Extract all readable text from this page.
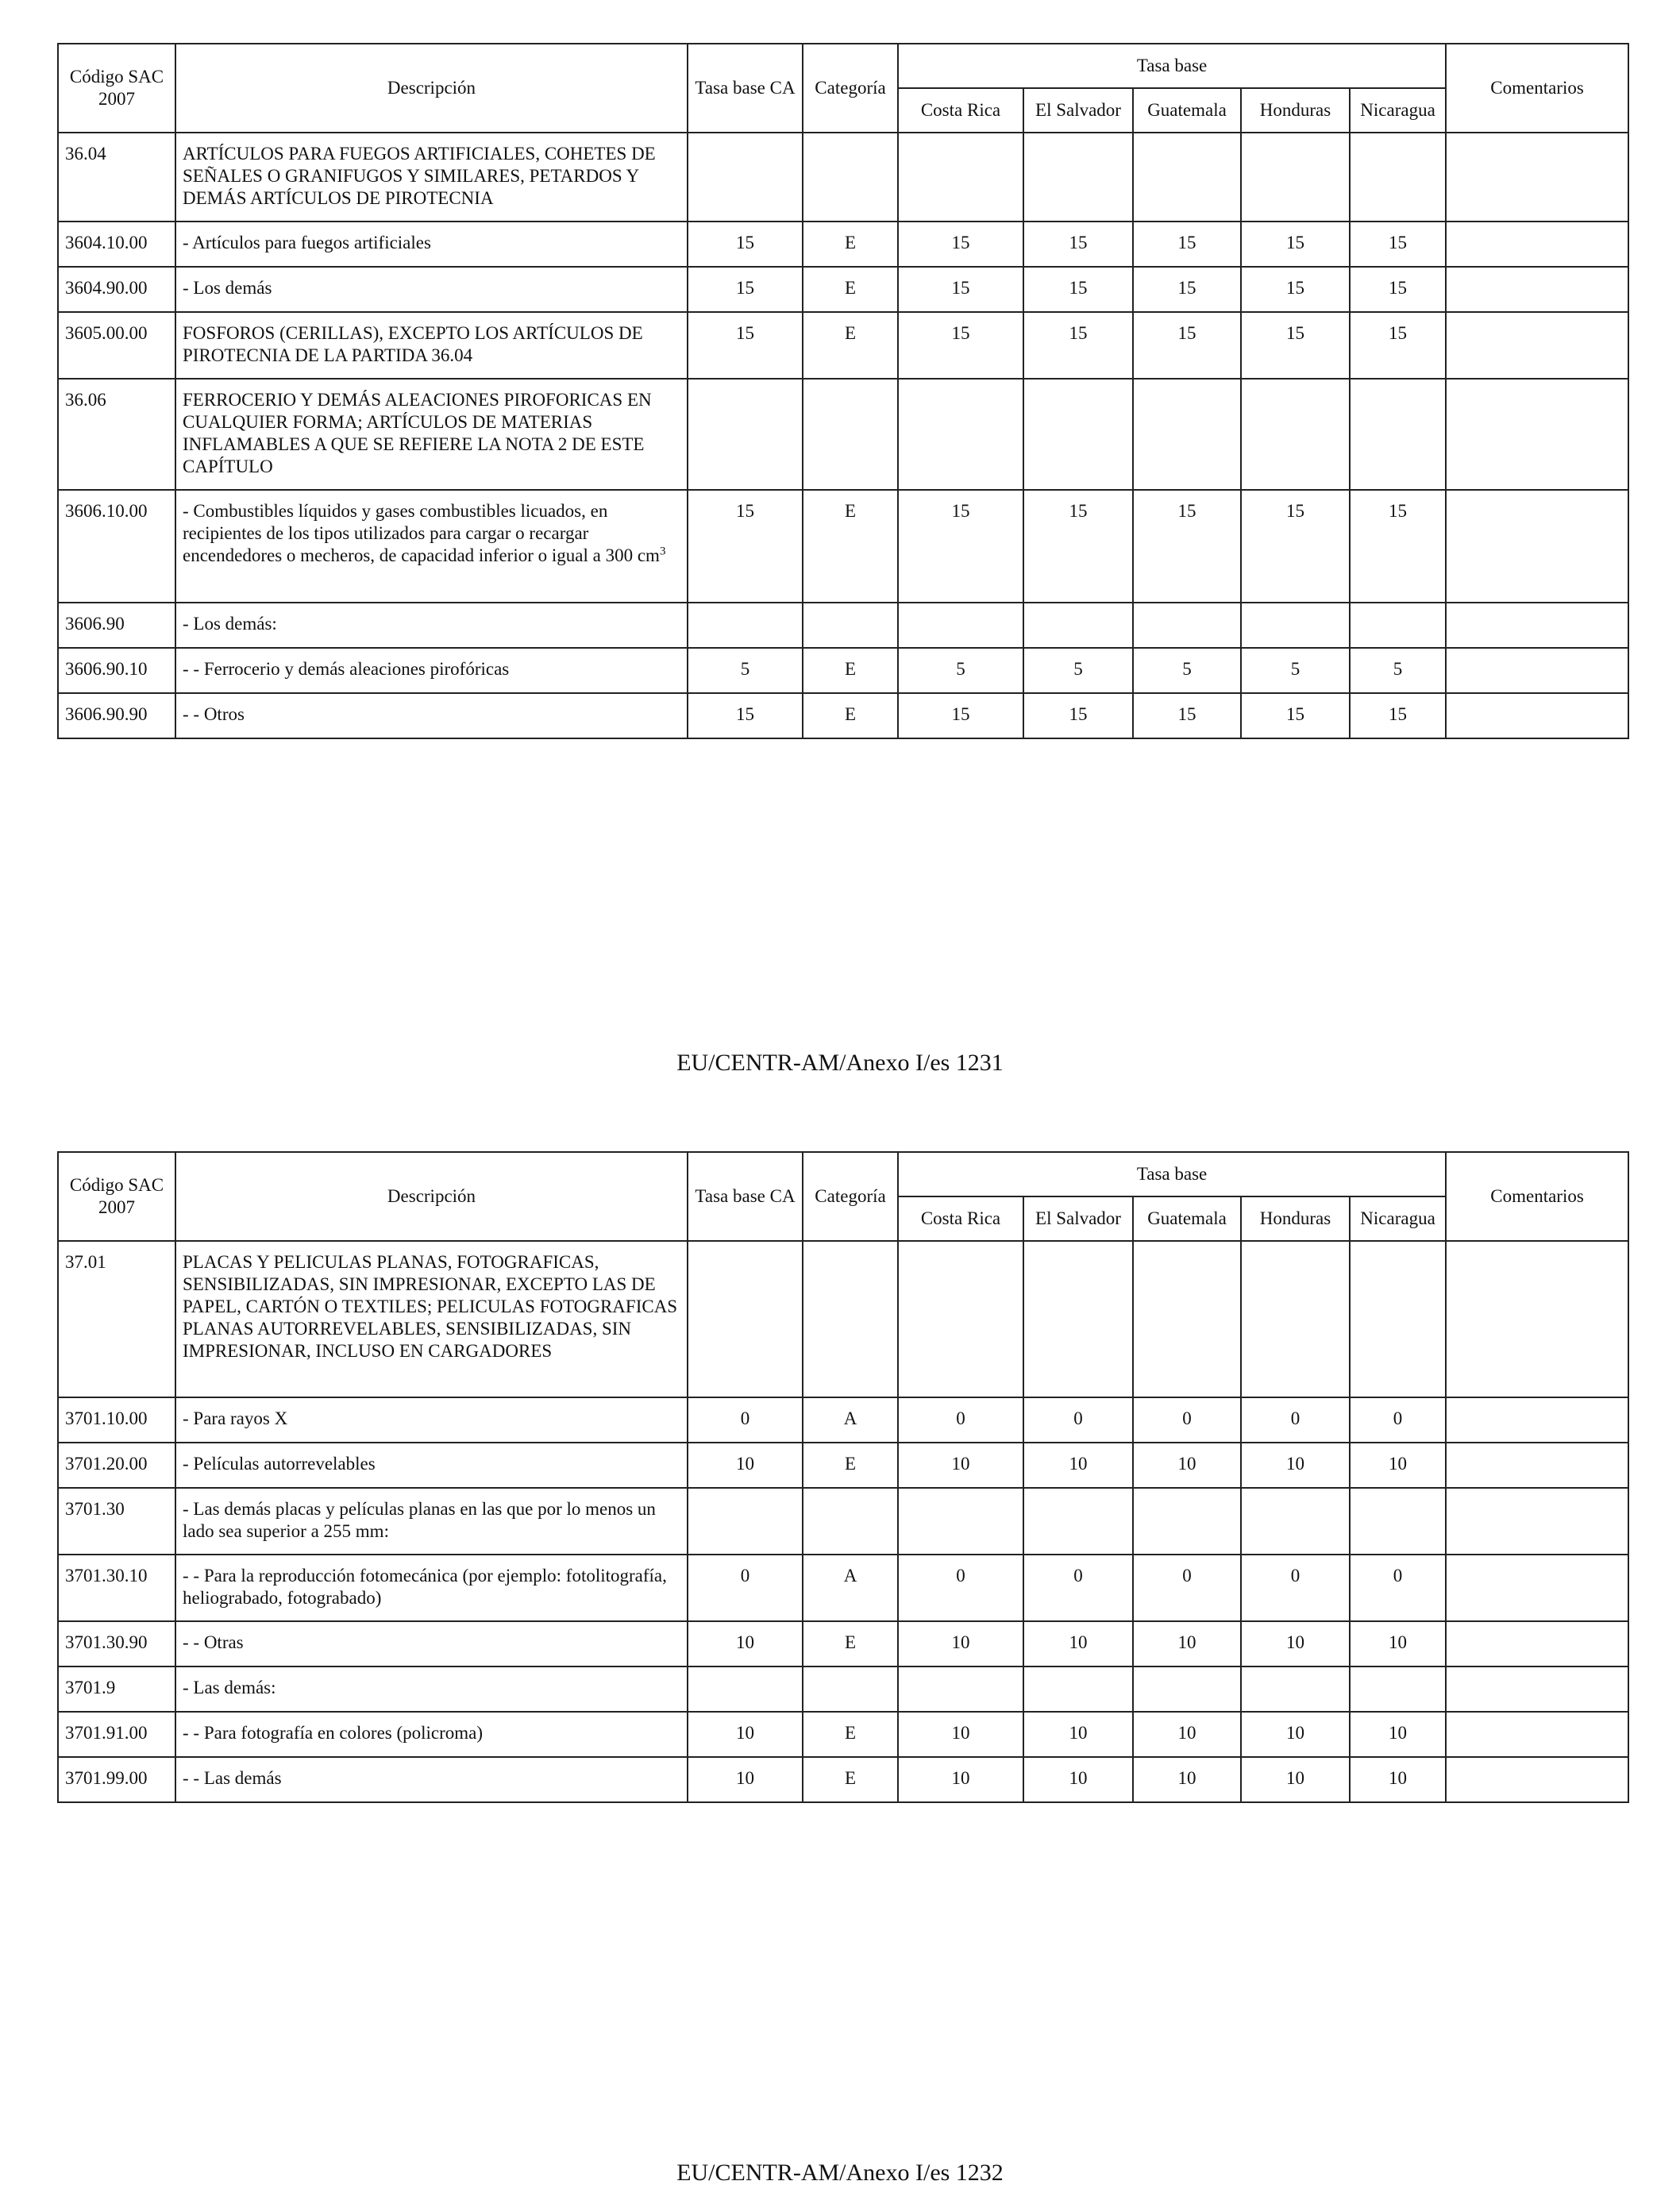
Código SAC 2007	Descripción	Tasa base CA	Categoría	Tasa base					Comentarios
				Costa Rica	El Salvador	Guatemala	Honduras	Nicaragua	
36.04	ARTÍCULOS PARA FUEGOS ARTIFICIALES, COHETES DE SEÑALES O GRANIFUGOS Y SIMILARES, PETARDOS Y DEMÁS ARTÍCULOS DE PIROTECNIA								
3604.10.00	- Artículos para fuegos artificiales	15	E	15	15	15	15	15	
3604.90.00	- Los demás	15	E	15	15	15	15	15	
3605.00.00	FOSFOROS (CERILLAS), EXCEPTO LOS ARTÍCULOS DE PIROTECNIA DE LA PARTIDA 36.04	15	E	15	15	15	15	15	
36.06	FERROCERIO Y DEMÁS ALEACIONES PIROFORICAS EN CUALQUIER FORMA; ARTÍCULOS DE MATERIAS INFLAMABLES A QUE SE REFIERE LA NOTA 2 DE ESTE CAPÍTULO								
3606.10.00	- Combustibles líquidos y gases combustibles licuados, en recipientes de los tipos utilizados para cargar o recargar encendedores o mecheros, de capacidad inferior o igual a 300 $cm^3$	15	E	15	15	15	15	15	
3606.90	- Los demás:								
3606.90.10	- - Ferrocerio y demás aleaciones pirofóricas	5	E	5	5	5	5	5	
3606.90.90	- - Otros	15	E	15	15	15	15	15	
EU/CENTR-AM/Anexo I/es 1231
Código SAC 2007	Descripción	Tasa base CA	Categoría	Tasa base					Comentarios
				Costa Rica	El Salvador	Guatemala	Honduras	Nicaragua	
37.01	PLACAS Y PELICULAS PLANAS, FOTOGRAFICAS, SENSIBILIZADAS, SIN IMPRESIONAR, EXCEPTO LAS DE PAPEL, CARTÓN O TEXTILES; PELICULAS FOTOGRAFICAS PLANAS AUTORREVELABLES, SENSIBILIZADAS, SIN IMPRESIONAR, INCLUSO EN CARGADORES								
3701.10.00	- Para rayos X	0	A	0	0	0	0	0	
3701.20.00	- Películas autorrevelables	10	E	10	10	10	10	10	
3701.30	- Las demás placas y películas planas en las que por lo menos un lado sea superior a 255 mm:								
3701.30.10	- - Para la reproducción fotomecánica (por ejemplo: fotolitografía, heliograbado, fotograbado)	0	A	0	0	0	0	0	
3701.30.90	- - Otras	10	E	10	10	10	10	10	
3701.9	- Las demás:								
3701.91.00	- - Para fotografía en colores (policroma)	10	E	10	10	10	10	10	
3701.99.00	- - Las demás	10	E	10	10	10	10	10	
EU/CENTR-AM/Anexo I/es 1232
